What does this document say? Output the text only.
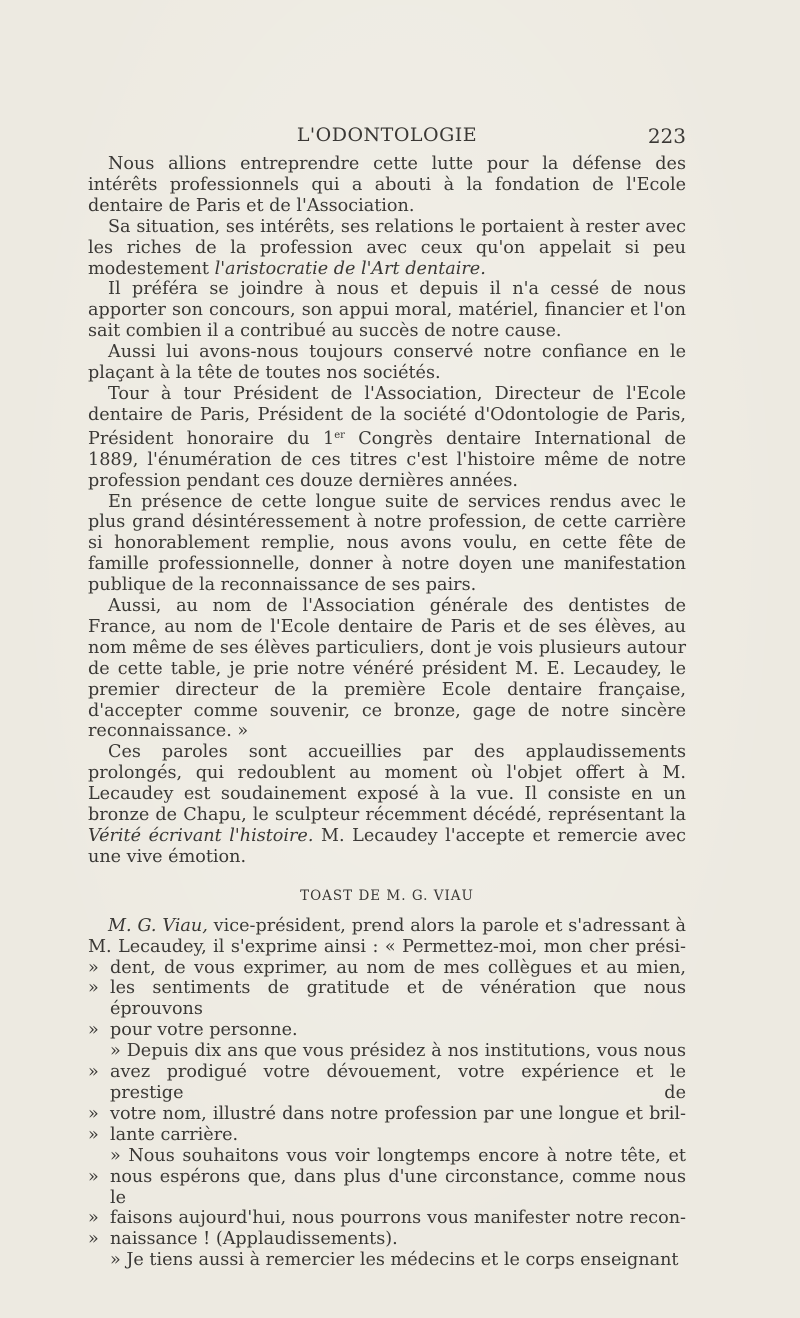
L'ODONTOLOGIE	223

Nous allions entreprendre cette lutte pour la défense des intérêts professionnels qui a abouti à la fondation de l'Ecole dentaire de Paris et de l'Association.

Sa situation, ses intérêts, ses relations le portaient à rester avec les riches de la profession avec ceux qu'on appelait si peu modestement l'aristocratie de l'Art dentaire.

Il préféra se joindre à nous et depuis il n'a cessé de nous apporter son concours, son appui moral, matériel, financier et l'on sait combien il a contribué au succès de notre cause.

Aussi lui avons-nous toujours conservé notre confiance en le plaçant à la tête de toutes nos sociétés.

Tour à tour Président de l'Association, Directeur de l'Ecole dentaire de Paris, Président de la société d'Odontologie de Paris, Président honoraire du 1er Congrès dentaire International de 1889, l'énumération de ces titres c'est l'histoire même de notre profession pendant ces douze dernières années.

En présence de cette longue suite de services rendus avec le plus grand désintéressement à notre profession, de cette carrière si honorablement remplie, nous avons voulu, en cette fête de famille professionnelle, donner à notre doyen une manifestation publique de la reconnaissance de ses pairs.

Aussi, au nom de l'Association générale des dentistes de France, au nom de l'Ecole dentaire de Paris et de ses élèves, au nom même de ses élèves particuliers, dont je vois plusieurs autour de cette table, je prie notre vénéré président M. E. Lecaudey, le premier directeur de la première Ecole dentaire française, d'accepter comme souvenir, ce bronze, gage de notre sincère reconnaissance. »

Ces paroles sont accueillies par des applaudissements prolongés, qui redoublent au moment où l'objet offert à M. Lecaudey est soudainement exposé à la vue. Il consiste en un bronze de Chapu, le sculpteur récemment décédé, représentant la Vérité écrivant l'histoire. M. Lecaudey l'accepte et remercie avec une vive émotion.

TOAST DE M. G. VIAU
M. G. Viau, vice-président, prend alors la parole et s'adressant à
M. Lecaudey, il s'exprime ainsi : « Permettez-moi, mon cher prési-
» dent, de vous exprimer, au nom de mes collègues et au mien,
» les sentiments de gratitude et de vénération que nous éprouvons
» pour votre personne.
» Depuis dix ans que vous présidez à nos institutions, vous nous
» avez prodigué votre dévouement, votre expérience et le prestige de
» votre nom, illustré dans notre profession par une longue et bril-
» lante carrière.
» Nous souhaitons vous voir longtemps encore à notre tête, et
» nous espérons que, dans plus d'une circonstance, comme nous le
» faisons aujourd'hui, nous pourrons vous manifester notre recon-
» naissance ! (Applaudissements).
» Je tiens aussi à remercier les médecins et le corps enseignant
